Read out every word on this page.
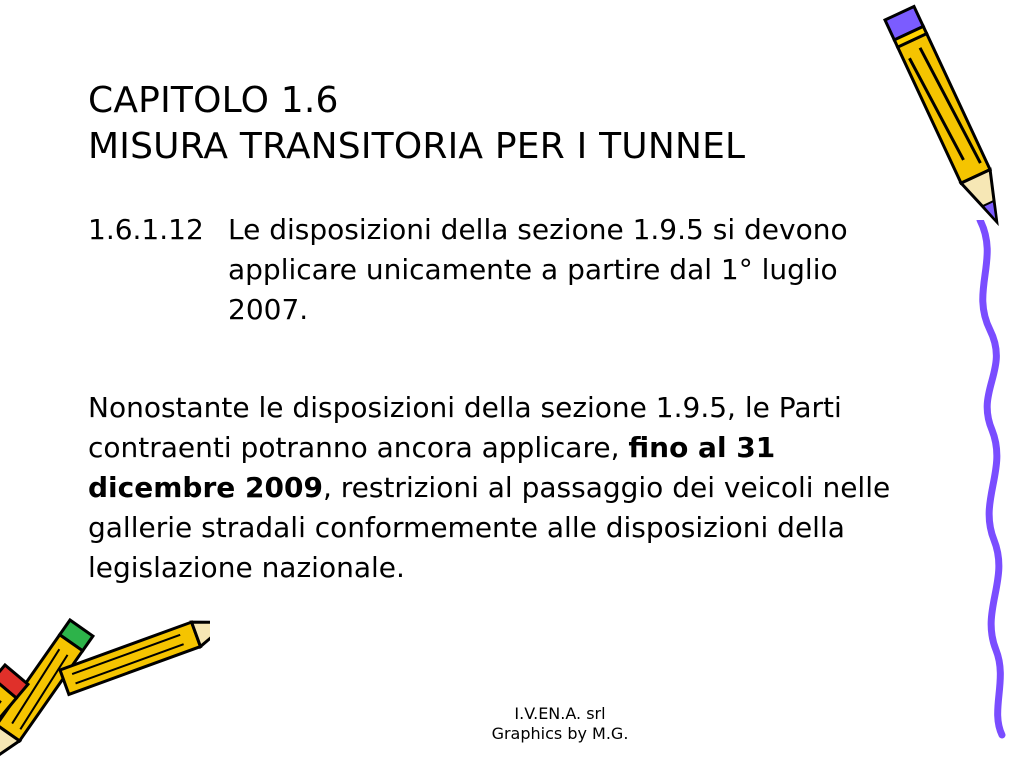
CAPITOLO 1.6
MISURA TRANSITORIA PER I TUNNEL
1.6.1.12 Le disposizioni della sezione 1.9.5 si devono applicare unicamente a partire dal 1° luglio 2007.
Nonostante le disposizioni della sezione 1.9.5, le Parti contraenti potranno ancora applicare, fino al 31 dicembre 2009, restrizioni al passaggio dei veicoli nelle gallerie stradali conformemente alle disposizioni della legislazione nazionale.
I.V.EN.A. srl
Graphics by M.G.
